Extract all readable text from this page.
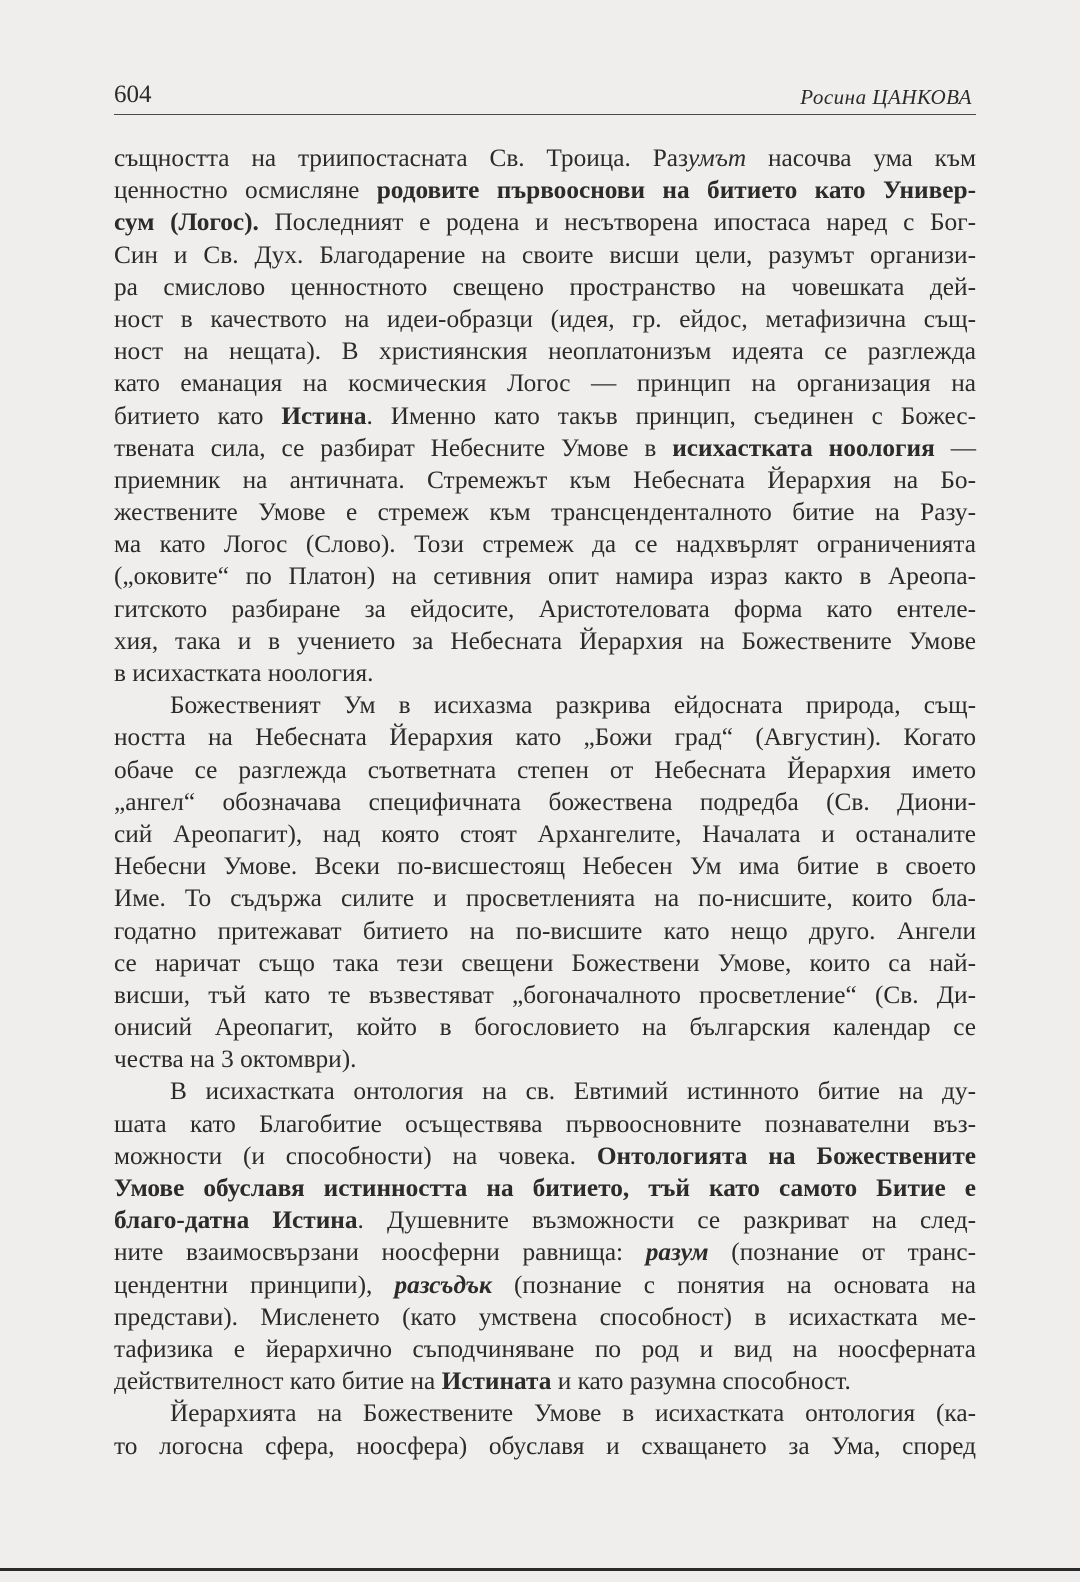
604	Росина ЦАНКОВА
същността на триипостасната Св. Троица. Разумът насочва ума към
ценностно осмисляне родовите първооснови на битието като Унивep-
сум (Логос). Последният е родена и несътворена ипостаса наред с Бог-
Син и Св. Дух. Благодарение на своите висши цели, разумът организи-
ра смислово ценностното свещено пространство на човешката дей-
ност в качеството на идеи-образци (идея, гр. ейдос, метафизична същ-
ност на нещата). В християнския неоплатонизъм идеята се разглежда
като еманация на космическия Логос — принцип на организация на
битието като Истина. Именно като такъв принцип, съединен с Божес-
твената сила, се разбират Небесните Умове в исихастката ноология —
приемник на античната. Стремежът към Небесната Йерархия на Бо-
жествените Умове е стремеж към трансценденталното битие на Разу-
ма като Логос (Слово). Този стремеж да се надхвърлят ограниченията
(„оковите“ по Платон) на сетивния опит намира израз както в Ареопа-
гитското разбиране за ейдосите, Аристотеловата форма като ентеле-
хия, така и в учението за Небесната Йерархия на Божествените Умове
в исихастката ноология.
Божественият Ум в исихазма разкрива ейдосната природа, същ-
ността на Небесната Йерархия като „Божи град“ (Августин). Когато
обаче се разглежда съответната степен от Небесната Йерархия името
„ангел“ обозначава специфичната божествена подредба (Св. Диони-
сий Ареопагит), над която стоят Архангелите, Началата и останалите
Небесни Умове. Всеки по-висшестоящ Небесен Ум има битие в своето
Име. То съдържа силите и просветленията на по-нисшите, които бла-
годатно притежават битието на по-висшите като нещо друго. Ангели
се наричат също така тези свещени Божествени Умове, които са най-
висши, тъй като те възвестяват „богоначалното просветление“ (Св. Ди-
онисий Ареопагит, който в богословието на българския календар се
чества на 3 октомври).
В исихастката онтология на св. Евтимий истинното битие на ду-
шата като Благобитие осъществява първоосновните познавателни въз-
можности (и способности) на човека. Онтологията на Божествените
Умове обуславя истинността на битието, тъй като самото Битие е
благо-датна Истина. Душевните възможности се разкриват на след-
ните взаимосвързани ноосферни равнища: разум (познание от транс-
цендентни принципи), разсъдък (познание с понятия на основата на
представи). Мисленето (като умствена способност) в исихастката ме-
тафизика е йерархично съподчиняване по род и вид на ноосферната
действителност като битие на Истината и като разумна способност.
Йерархията на Божествените Умове в исихастката онтология (ка-
то логосна сфера, ноосфера) обуславя и схващането за Ума, според
